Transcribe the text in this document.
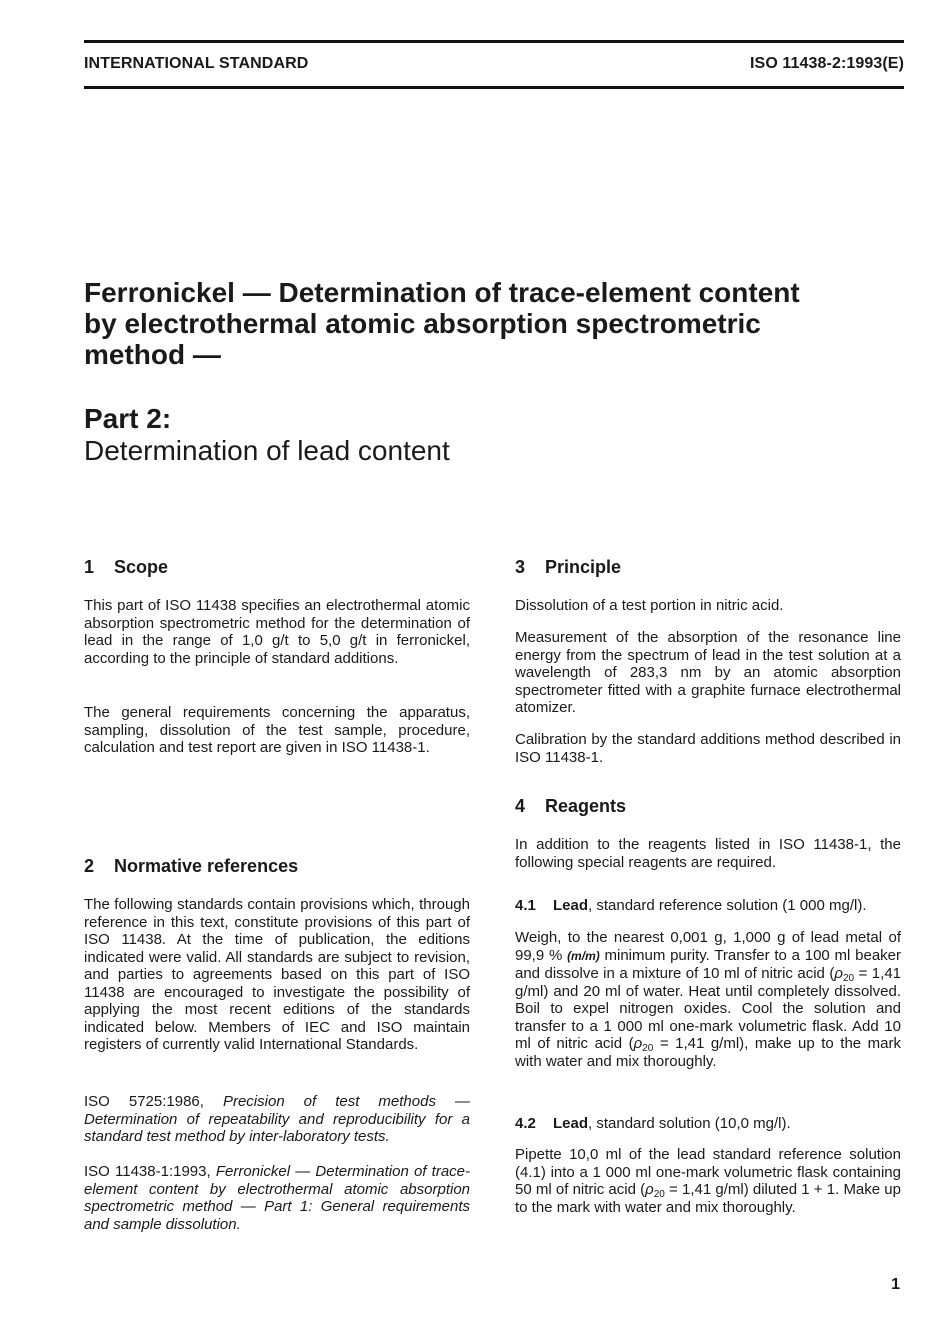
INTERNATIONAL STANDARD	ISO 11438-2:1993(E)
Ferronickel — Determination of trace-element content
by electrothermal atomic absorption spectrometric
method —
Part 2:
Determination of lead content
1 Scope

This part of ISO 11438 specifies an electrothermal atomic absorption spectrometric method for the determination of lead in the range of 1,0 g/t to 5,0 g/t in ferronickel, according to the principle of standard additions.

The general requirements concerning the apparatus, sampling, dissolution of the test sample, procedure, calculation and test report are given in ISO 11438-1.

2 Normative references

The following standards contain provisions which, through reference in this text, constitute provisions of this part of ISO 11438. At the time of publication, the editions indicated were valid. All standards are subject to revision, and parties to agreements based on this part of ISO 11438 are encouraged to investigate the possibility of applying the most recent editions of the standards indicated below. Members of IEC and ISO maintain registers of currently valid International Standards.

ISO 5725:1986, Precision of test methods — Determination of repeatability and reproducibility for a standard test method by inter-laboratory tests.

ISO 11438-1:1993, Ferronickel — Determination of trace-element content by electrothermal atomic absorption spectrometric method — Part 1: General requirements and sample dissolution.

3 Principle

Dissolution of a test portion in nitric acid.

Measurement of the absorption of the resonance line energy from the spectrum of lead in the test solution at a wavelength of 283,3 nm by an atomic absorption spectrometer fitted with a graphite furnace electrothermal atomizer.

Calibration by the standard additions method described in ISO 11438-1.

4 Reagents

In addition to the reagents listed in ISO 11438-1, the following special reagents are required.

4.1 Lead, standard reference solution (1 000 mg/l).

Weigh, to the nearest 0,001 g, 1,000 g of lead metal of 99,9 % (m/m) minimum purity. Transfer to a 100 ml beaker and dissolve in a mixture of 10 ml of nitric acid ($\rho_{20} = 1,41$ g/ml) and 20 ml of water. Heat until completely dissolved. Boil to expel nitrogen oxides. Cool the solution and transfer to a 1 000 ml one-mark volumetric flask. Add 10 ml of nitric acid ($\rho_{20} = 1,41$ g/ml), make up to the mark with water and mix thoroughly.

4.2 Lead, standard solution (10,0 mg/l).

Pipette 10,0 ml of the lead standard reference solution (4.1) into a 1 000 ml one-mark volumetric flask containing 50 ml of nitric acid ($\rho_{20} = 1,41$ g/ml) diluted 1 + 1. Make up to the mark with water and mix thoroughly.

1
